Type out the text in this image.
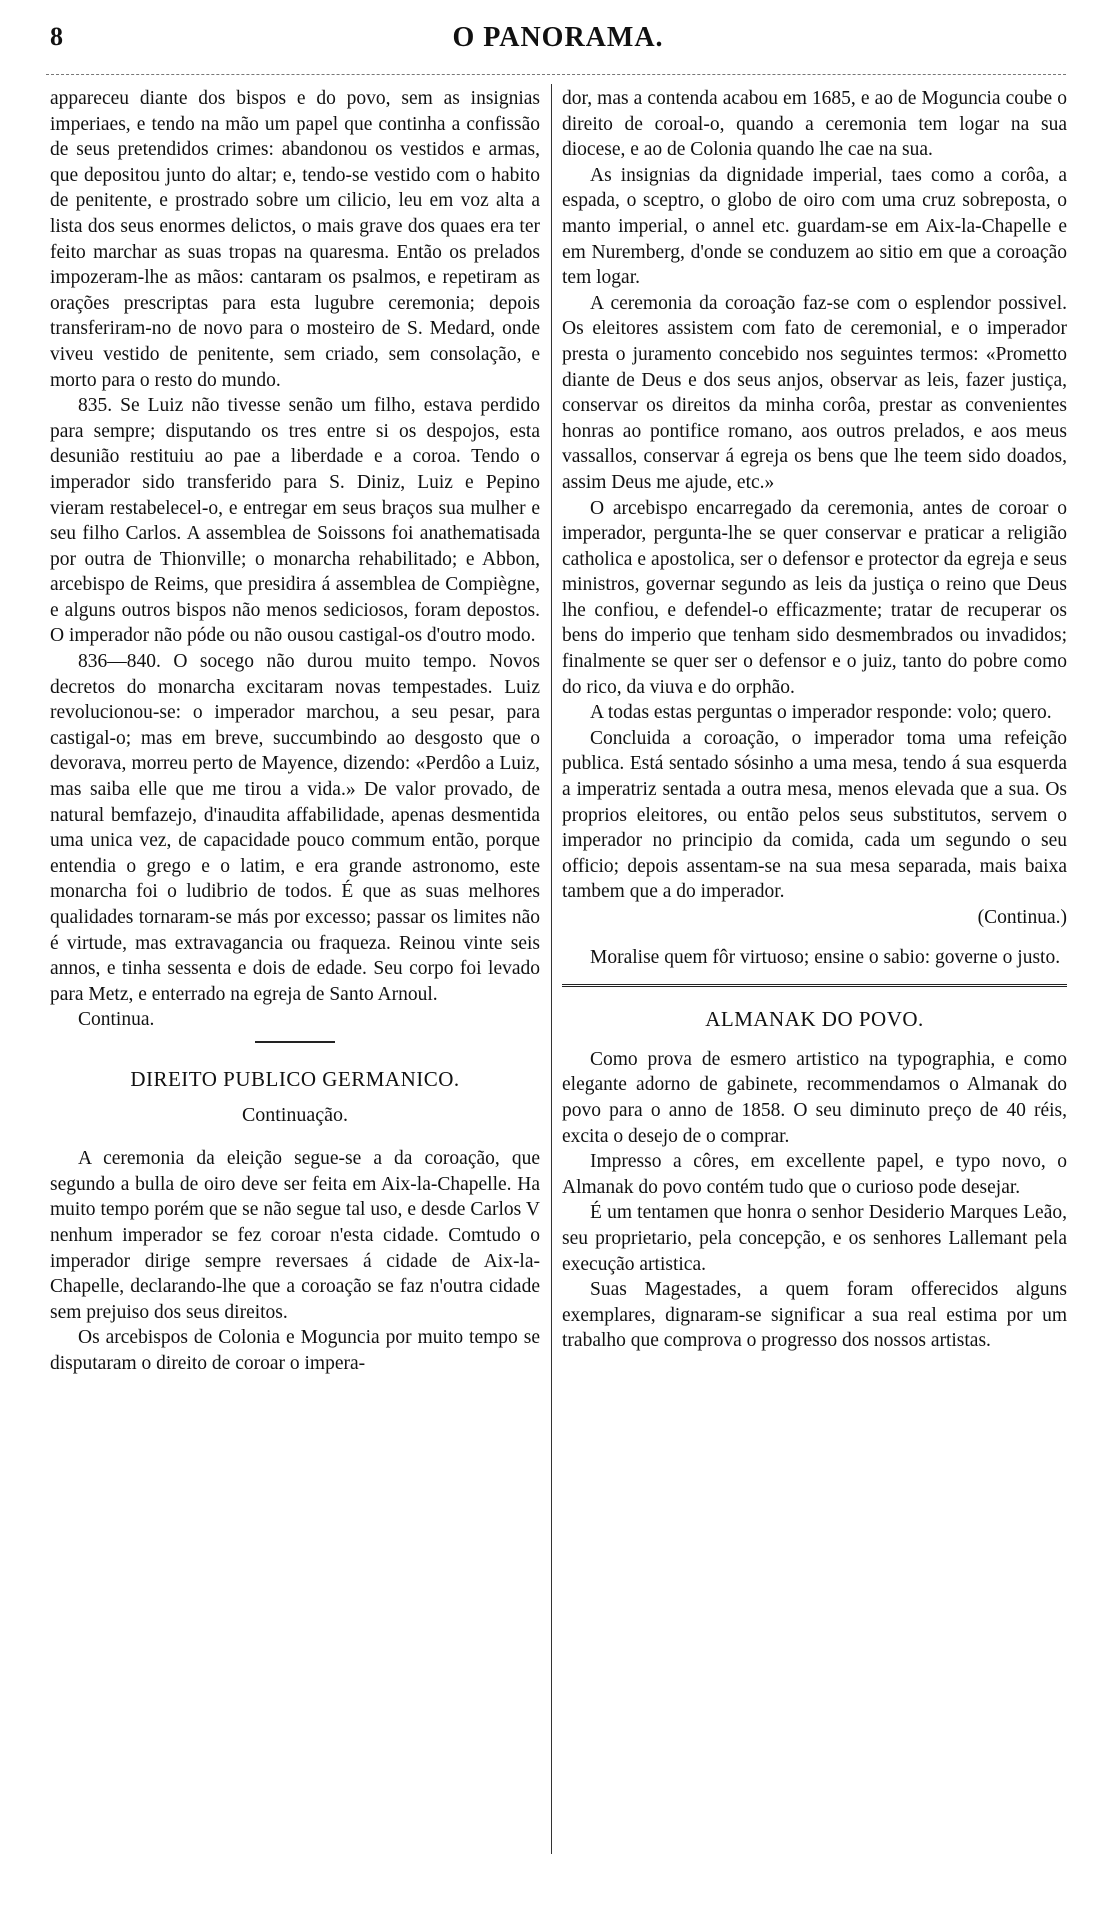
8	O PANORAMA.

appareceu diante dos bispos e do povo, sem as insignias imperiaes, e tendo na mão um papel que continha a confissão de seus pretendidos crimes: abandonou os vestidos e armas, que depositou junto do altar; e, tendo-se vestido com o habito de penitente, e prostrado sobre um cilicio, leu em voz alta a lista dos seus enormes delictos, o mais grave dos quaes era ter feito marchar as suas tropas na quaresma. Então os prelados impozeram-lhe as mãos: cantaram os psalmos, e repetiram as orações prescriptas para esta lugubre ceremonia; depois transferiram-no de novo para o mosteiro de S. Medard, onde viveu vestido de penitente, sem criado, sem consolação, e morto para o resto do mundo.

835. Se Luiz não tivesse senão um filho, estava perdido para sempre; disputando os tres entre si os despojos, esta desunião restituiu ao pae a liberdade e a coroa. Tendo o imperador sido transferido para S. Diniz, Luiz e Pepino vieram restabelecel-o, e entregar em seus braços sua mulher e seu filho Carlos. A assemblea de Soissons foi anathematisada por outra de Thionville; o monarcha rehabilitado; e Abbon, arcebispo de Reims, que presidira á assemblea de Compiègne, e alguns outros bispos não menos sediciosos, foram depostos. O imperador não póde ou não ousou castigal-os d'outro modo.

836—840. O socego não durou muito tempo. Novos decretos do monarcha excitaram novas tempestades. Luiz revolucionou-se: o imperador marchou, a seu pesar, para castigal-o; mas em breve, succumbindo ao desgosto que o devorava, morreu perto de Mayence, dizendo: «Perdôo a Luiz, mas saiba elle que me tirou a vida.» De valor provado, de natural bemfazejo, d'inaudita affabilidade, apenas desmentida uma unica vez, de capacidade pouco commum então, porque entendia o grego e o latim, e era grande astronomo, este monarcha foi o ludibrio de todos. É que as suas melhores qualidades tornaram-se más por excesso; passar os limites não é virtude, mas extravagancia ou fraqueza. Reinou vinte seis annos, e tinha sessenta e dois de edade. Seu corpo foi levado para Metz, e enterrado na egreja de Santo Arnoul.

Continua.

DIREITO PUBLICO GERMANICO.
Continuação.

A ceremonia da eleição segue-se a da coroação, que segundo a bulla de oiro deve ser feita em Aix-la-Chapelle. Ha muito tempo porém que se não segue tal uso, e desde Carlos V nenhum imperador se fez coroar n'esta cidade. Comtudo o imperador dirige sempre reversaes á cidade de Aix-la-Chapelle, declarando-lhe que a coroação se faz n'outra cidade sem prejuiso dos seus direitos.

Os arcebispos de Colonia e Moguncia por muito tempo se disputaram o direito de coroar o impera-

dor, mas a contenda acabou em 1685, e ao de Moguncia coube o direito de coroal-o, quando a ceremonia tem logar na sua diocese, e ao de Colonia quando lhe cae na sua.

As insignias da dignidade imperial, taes como a corôa, a espada, o sceptro, o globo de oiro com uma cruz sobreposta, o manto imperial, o annel etc. guardam-se em Aix-la-Chapelle e em Nuremberg, d'onde se conduzem ao sitio em que a coroação tem logar.

A ceremonia da coroação faz-se com o esplendor possivel. Os eleitores assistem com fato de ceremonial, e o imperador presta o juramento concebido nos seguintes termos: «Prometto diante de Deus e dos seus anjos, observar as leis, fazer justiça, conservar os direitos da minha corôa, prestar as convenientes honras ao pontifice romano, aos outros prelados, e aos meus vassallos, conservar á egreja os bens que lhe teem sido doados, assim Deus me ajude, etc.»

O arcebispo encarregado da ceremonia, antes de coroar o imperador, pergunta-lhe se quer conservar e praticar a religião catholica e apostolica, ser o defensor e protector da egreja e seus ministros, governar segundo as leis da justiça o reino que Deus lhe confiou, e defendel-o efficazmente; tratar de recuperar os bens do imperio que tenham sido desmembrados ou invadidos; finalmente se quer ser o defensor e o juiz, tanto do pobre como do rico, da viuva e do orphão.

A todas estas perguntas o imperador responde: volo; quero.

Concluida a coroação, o imperador toma uma refeição publica. Está sentado sósinho a uma mesa, tendo á sua esquerda a imperatriz sentada a outra mesa, menos elevada que a sua. Os proprios eleitores, ou então pelos seus substitutos, servem o imperador no principio da comida, cada um segundo o seu officio; depois assentam-se na sua mesa separada, mais baixa tambem que a do imperador.

(Continua.)

Moralise quem fôr virtuoso; ensine o sabio: governe o justo.

ALMANAK DO POVO.

Como prova de esmero artistico na typographia, e como elegante adorno de gabinete, recommendamos o Almanak do povo para o anno de 1858. O seu diminuto preço de 40 réis, excita o desejo de o comprar.

Impresso a côres, em excellente papel, e typo novo, o Almanak do povo contém tudo que o curioso pode desejar.

É um tentamen que honra o senhor Desiderio Marques Leão, seu proprietario, pela concepção, e os senhores Lallemant pela execução artistica.

Suas Magestades, a quem foram offerecidos alguns exemplares, dignaram-se significar a sua real estima por um trabalho que comprova o progresso dos nossos artistas.
